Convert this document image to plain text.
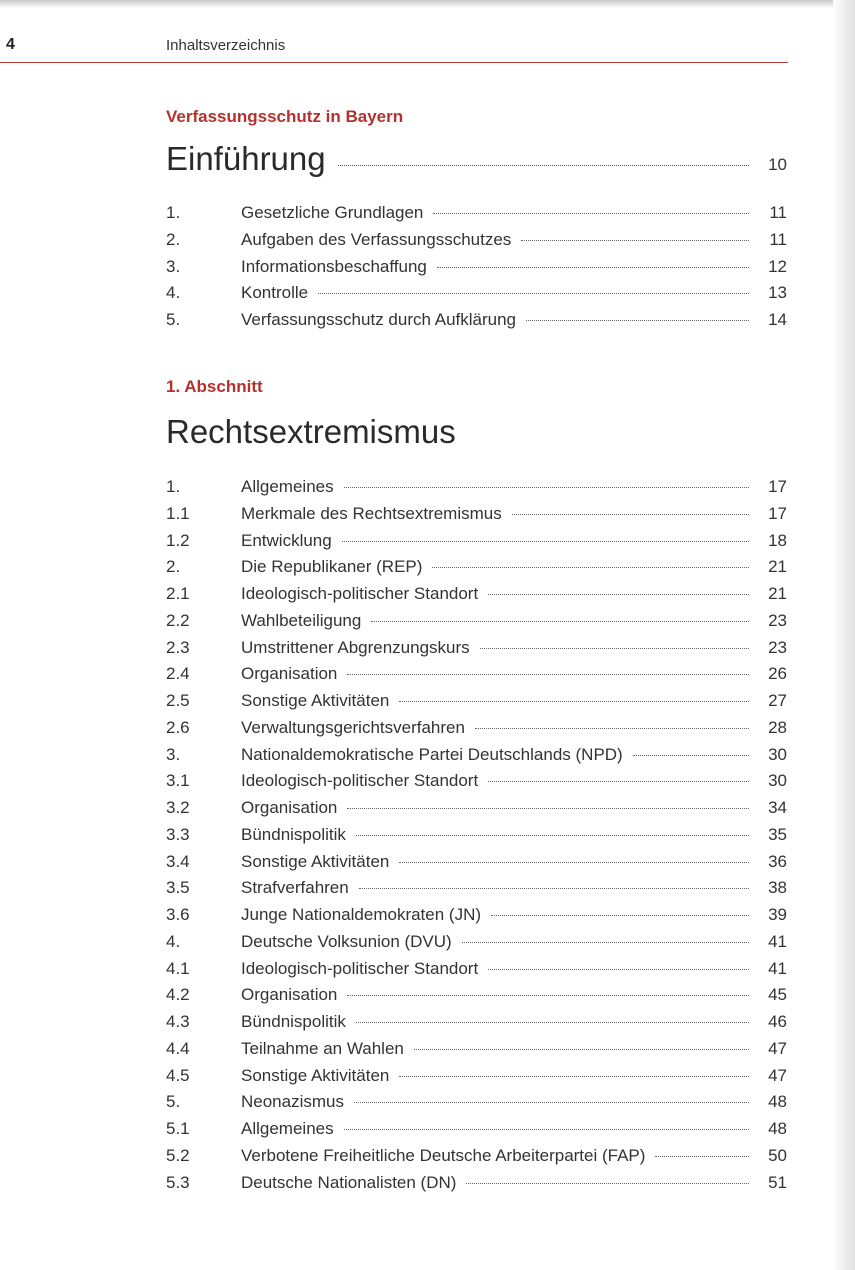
4	Inhaltsverzeichnis
Verfassungsschutz in Bayern
Einführung	10
1.	Gesetzliche Grundlagen	11
2.	Aufgaben des Verfassungsschutzes	11
3.	Informationsbeschaffung	12
4.	Kontrolle	13
5.	Verfassungsschutz durch Aufklärung	14
1. Abschnitt
Rechtsextremismus
1.	Allgemeines	17
1.1	Merkmale des Rechtsextremismus	17
1.2	Entwicklung	18
2.	Die Republikaner (REP)	21
2.1	Ideologisch-politischer Standort	21
2.2	Wahlbeteiligung	23
2.3	Umstrittener Abgrenzungskurs	23
2.4	Organisation	26
2.5	Sonstige Aktivitäten	27
2.6	Verwaltungsgerichtsverfahren	28
3.	Nationaldemokratische Partei Deutschlands (NPD)	30
3.1	Ideologisch-politischer Standort	30
3.2	Organisation	34
3.3	Bündnispolitik	35
3.4	Sonstige Aktivitäten	36
3.5	Strafverfahren	38
3.6	Junge Nationaldemokraten (JN)	39
4.	Deutsche Volksunion (DVU)	41
4.1	Ideologisch-politischer Standort	41
4.2	Organisation	45
4.3	Bündnispolitik	46
4.4	Teilnahme an Wahlen	47
4.5	Sonstige Aktivitäten	47
5.	Neonazismus	48
5.1	Allgemeines	48
5.2	Verbotene Freiheitliche Deutsche Arbeiterpartei (FAP)	50
5.3	Deutsche Nationalisten (DN)	51
